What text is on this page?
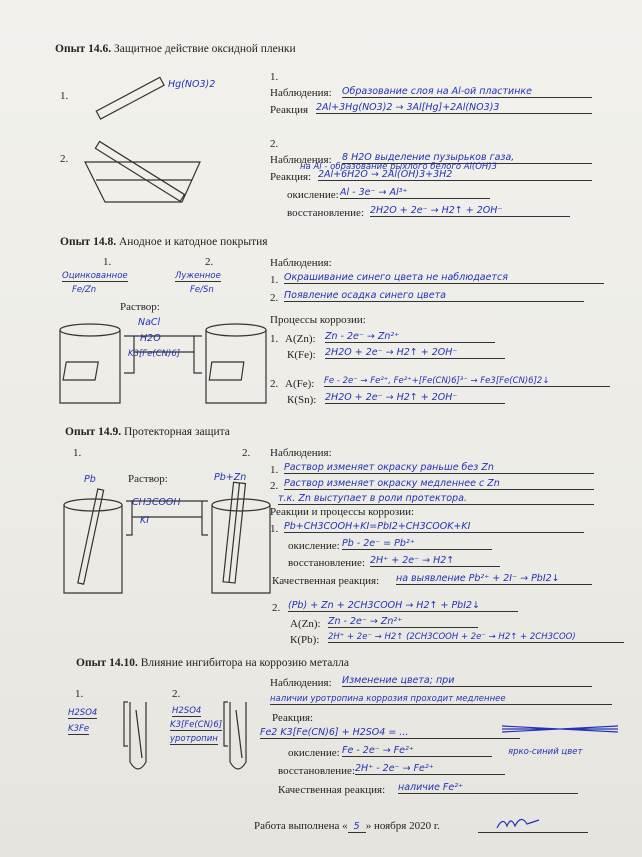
Опыт 14.6. Защитное действие оксидной пленки
1.
Hg(NO3)2
1.
Наблюдения: Образование слоя на Al-ой пластинке
Реакция 2Al+3Hg(NO3)2 → 3Al[Hg]+2Al(NO3)3
2.
2.
Наблюдения: 8 H2O выделение пузырьков газа,
на Al - образование рыхлого белого Al(OH)3
Реакция: 2Al+6H2O → 2Al(OH)3+3H2
окисление: Al - 3e⁻ → Al³⁺
восстановление: 2H2O + 2e⁻ → H2↑ + 2OH⁻
Опыт 14.8. Анодное и катодное покрытия
1.	2.
Оцинкованное
Fe/Zn
Луженное
Fe/Sn
Раствор:
NaCl
H2O
K3[Fe(CN)6]
Наблюдения:
1. Окрашивание синего цвета не наблюдается
2. Появление осадка синего цвета
Процессы коррозии:
1. А(Zn): Zn - 2e⁻ → Zn²⁺
К(Fe): 2H2O + 2e⁻ → H2↑ + 2OH⁻
2. А(Fe): Fe - 2e⁻ → Fe²⁺, Fe²⁺+[Fe(CN)6]³⁻ → Fe3[Fe(CN)6]2↓
К(Sn): 2H2O + 2e⁻ → H2↑ + 2OH⁻
Опыт 14.9. Протекторная защита
1.	2.
Pb	Pb+Zn
Раствор:
CH3COOH
KI
Наблюдения:
1. Раствор изменяет окраску раньше без Zn
2. Раствор изменяет окраску медленнее с Zn
т.к. Zn выступает в роли протектора.
Реакции и процессы коррозии:
1. Pb+CH3COOH+KI=PbI2+CH3COOK+KI
окисление: Pb - 2e⁻ = Pb²⁺
восстановление: 2H⁺ + 2e⁻ → H2↑
Качественная реакция: на выявление Pb²⁺ + 2I⁻ → PbI2↓
2. (Pb) + Zn + 2CH3COOH → H2↑ + PbI2↓
А(Zn): Zn - 2e⁻ → Zn²⁺
К(Pb): 2H⁺ + 2e⁻ → H2↑ (2CH3COOH + 2e⁻ → H2↑ + 2CH3COO)
Опыт 14.10. Влияние ингибитора на коррозию металла
1.	2.
H2SO4
K3Fe
H2SO4
K3[Fe(CN)6]
уротропин
Наблюдения: Изменение цвета; при
наличии уротропина коррозия проходит медленнее
Реакция:
Fe2 K3[Fe(CN)6] + H2SO4 = ...
окисление: Fe - 2e⁻ → Fe²⁺	ярко-синий цвет
восстановление: 2H⁺ - 2e⁻ → Fe²⁺
Качественная реакция: наличие Fe²⁺
Работа выполнена « 5 » ноября 2020 г.
